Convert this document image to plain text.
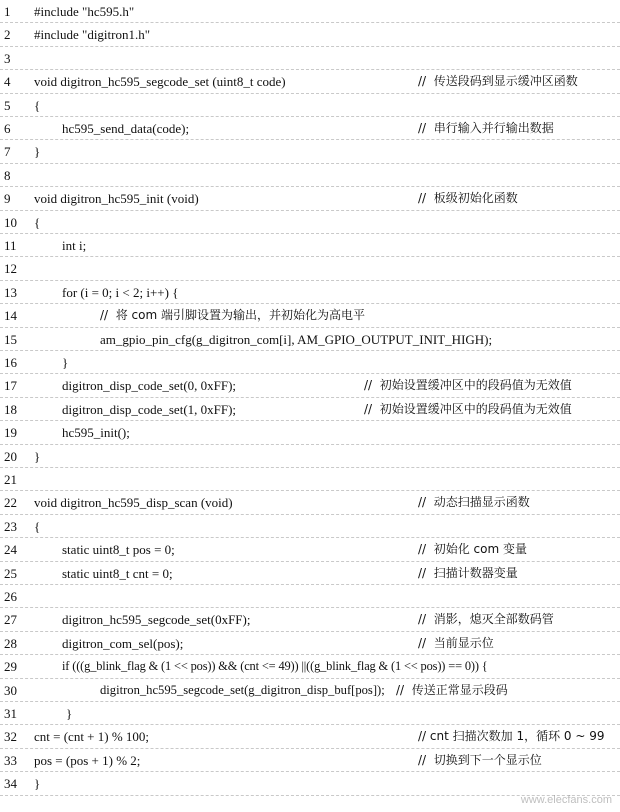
1 #include "hc595.h"
2 #include "digitron1.h"
3
4 void digitron_hc595_segcode_set (uint8_t code)	//  传送段码到显示缓冲区函数
5 {
6	hc595_send_data(code);	//  串行输入并行输出数据
7 }
8
9 void digitron_hc595_init (void)	//  板级初始化函数
10 {
11	int i;
12
13	for (i = 0; i < 2; i++) {
14	//  将 com 端引脚设置为输出，并初始化为高电平
15	am_gpio_pin_cfg(g_digitron_com[i], AM_GPIO_OUTPUT_INIT_HIGH);
16	}
17	digitron_disp_code_set(0, 0xFF);	//  初始设置缓冲区中的段码值为无效值
18	digitron_disp_code_set(1, 0xFF);	//  初始设置缓冲区中的段码值为无效值
19	hc595_init();
20 }
21
22 void digitron_hc595_disp_scan (void)	//  动态扫描显示函数
23 {
24	static uint8_t pos = 0;	//  初始化 com 变量
25	static uint8_t cnt = 0;	//  扫描计数器变量
26
27	digitron_hc595_segcode_set(0xFF);	//  消影，熄灭全部数码管
28	digitron_com_sel(pos);	//  当前显示位
29	if (((g_blink_flag & (1 << pos)) && (cnt <= 49)) ||((g_blink_flag & (1 << pos)) == 0)) {
30	digitron_hc595_segcode_set(g_digitron_disp_buf[pos]); //  传送正常显示段码
31	}
32 cnt = (cnt + 1) % 100;	// cnt 扫描次数加 1，循环 0 ~ 99
33 pos = (pos + 1) % 2;	//  切换到下一个显示位
34 }
www.elecfans.com
